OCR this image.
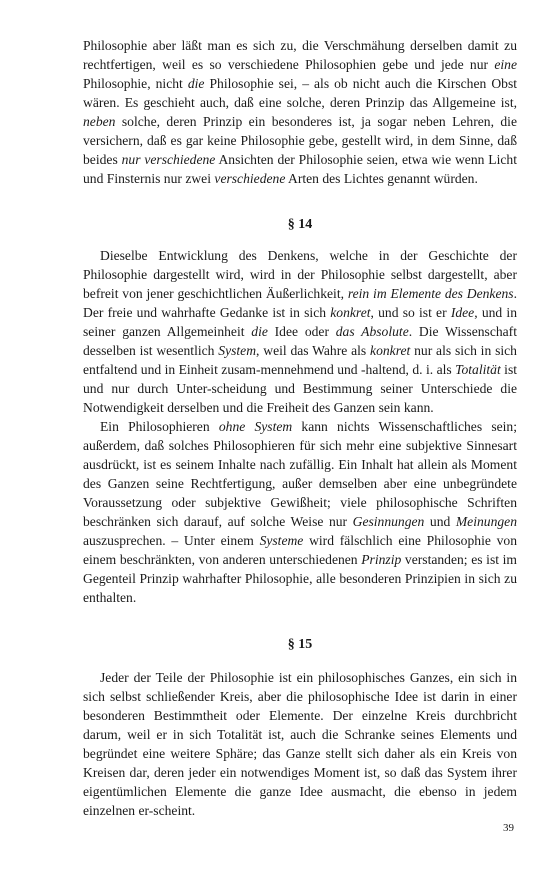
Philosophie aber läßt man es sich zu, die Verschmähung derselben damit zu rechtfertigen, weil es so verschiedene Philosophien gebe und jede nur eine Philosophie, nicht die Philosophie sei, – als ob nicht auch die Kirschen Obst wären. Es geschieht auch, daß eine solche, deren Prinzip das Allgemeine ist, neben solche, deren Prinzip ein besonderes ist, ja sogar neben Lehren, die versichern, daß es gar keine Philosophie gebe, gestellt wird, in dem Sinne, daß beides nur verschiedene Ansichten der Philosophie seien, etwa wie wenn Licht und Finsternis nur zwei verschiedene Arten des Lichtes genannt würden.

§ 14

Dieselbe Entwicklung des Denkens, welche in der Geschichte der Philosophie dargestellt wird, wird in der Philosophie selbst dargestellt, aber befreit von jener geschichtlichen Äußerlichkeit, rein im Elemente des Denkens. Der freie und wahrhafte Gedanke ist in sich konkret, und so ist er Idee, und in seiner ganzen Allgemeinheit die Idee oder das Absolute. Die Wissenschaft desselben ist wesentlich System, weil das Wahre als konkret nur als sich in sich entfaltend und in Einheit zusam-mennehmend und -haltend, d. i. als Totalität ist und nur durch Unter-scheidung und Bestimmung seiner Unterschiede die Notwendigkeit derselben und die Freiheit des Ganzen sein kann.

Ein Philosophieren ohne System kann nichts Wissenschaftliches sein; außerdem, daß solches Philosophieren für sich mehr eine subjektive Sinnesart ausdrückt, ist es seinem Inhalte nach zufällig. Ein Inhalt hat allein als Moment des Ganzen seine Rechtfertigung, außer demselben aber eine unbegründete Voraussetzung oder subjektive Gewißheit; viele philosophische Schriften beschränken sich darauf, auf solche Weise nur Gesinnungen und Meinungen auszusprechen. – Unter einem Systeme wird fälschlich eine Philosophie von einem beschränkten, von anderen unterschiedenen Prinzip verstanden; es ist im Gegenteil Prinzip wahrhafter Philosophie, alle besonderen Prinzipien in sich zu enthalten.

§ 15

Jeder der Teile der Philosophie ist ein philosophisches Ganzes, ein sich in sich selbst schließender Kreis, aber die philosophische Idee ist darin in einer besonderen Bestimmtheit oder Elemente. Der einzelne Kreis durchbricht darum, weil er in sich Totalität ist, auch die Schranke seines Elements und begründet eine weitere Sphäre; das Ganze stellt sich daher als ein Kreis von Kreisen dar, deren jeder ein notwendiges Moment ist, so daß das System ihrer eigentümlichen Elemente die ganze Idee ausmacht, die ebenso in jedem einzelnen er-scheint.

39
